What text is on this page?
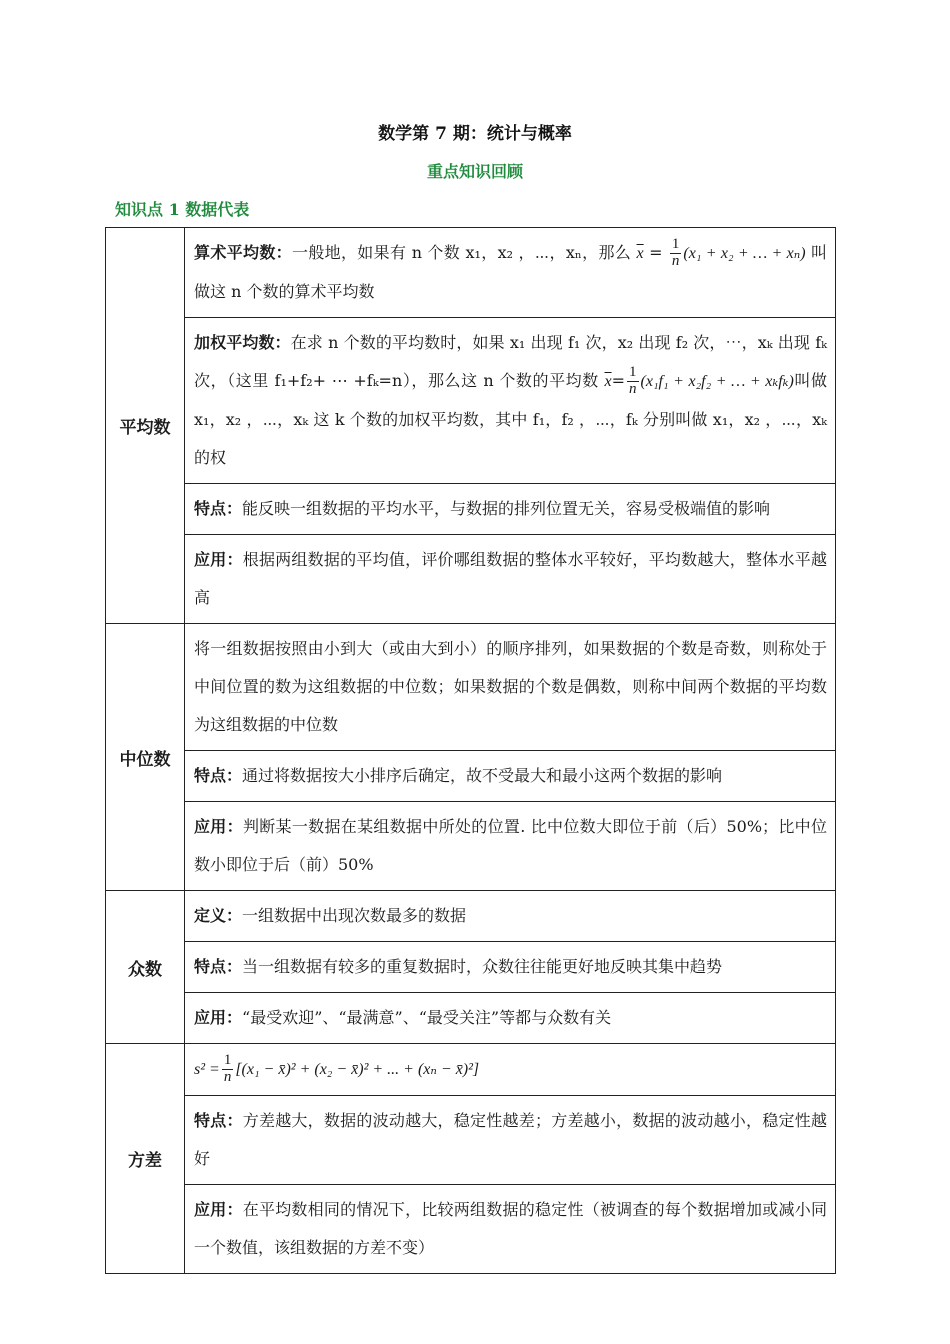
数学第 7 期：统计与概率
重点知识回顾
知识点 1 数据代表
平均数	算术平均数：一般地，如果有 n 个数 x₁，x₂ ，⋯，xₙ，那么 $\overline{x} = \frac{1}{n} (x_1 + x_2$ + … + xₙ) 叫做这 n 个数的算术平均数
	加权平均数：在求 n 个数的平均数时，如果 x₁ 出现 f₁ 次，x₂ 出现 f₂ 次，⋯，xₖ 出现 fₖ 次，（这里 f₁+f₂+ ⋯ +fₖ=n），那么这 n 个数的平均数 $\overline{x}= \frac{1}{n} (x_1f_1 + x_2f_2$ + … + xₖfₖ)叫做 x₁，x₂ ，⋯，xₖ 这 k 个数的加权平均数，其中 f₁，f₂ ，⋯，fₖ 分别叫做 x₁，x₂ ，⋯，xₖ 的权
	特点：能反映一组数据的平均水平，与数据的排列位置无关，容易受极端值的影响
	应用：根据两组数据的平均值，评价哪组数据的整体水平较好，平均数越大，整体水平越高
中位数	将一组数据按照由小到大（或由大到小）的顺序排列，如果数据的个数是奇数，则称处于中间位置的数为这组数据的中位数；如果数据的个数是偶数，则称中间两个数据的平均数为这组数据的中位数
	特点：通过将数据按大小排序后确定，故不受最大和最小这两个数据的影响
	应用：判断某一数据在某组数据中所处的位置. 比中位数大即位于前（后）50%；比中位数小即位于后（前）50%
众数	定义：一组数据中出现次数最多的数据
	特点：当一组数据有较多的重复数据时，众数往往能更好地反映其集中趋势
	应用：“最受欢迎”、“最满意”、“最受关注”等都与众数有关
方差	$s^2 = \frac{1}{n} [(x_1$ − x̄)² + (x₂ − x̄)² + ... + (xₙ − x̄)²]
	特点：方差越大，数据的波动越大，稳定性越差；方差越小，数据的波动越小，稳定性越好
	应用：在平均数相同的情况下，比较两组数据的稳定性（被调查的每个数据增加或减小同一个数值，该组数据的方差不变）
